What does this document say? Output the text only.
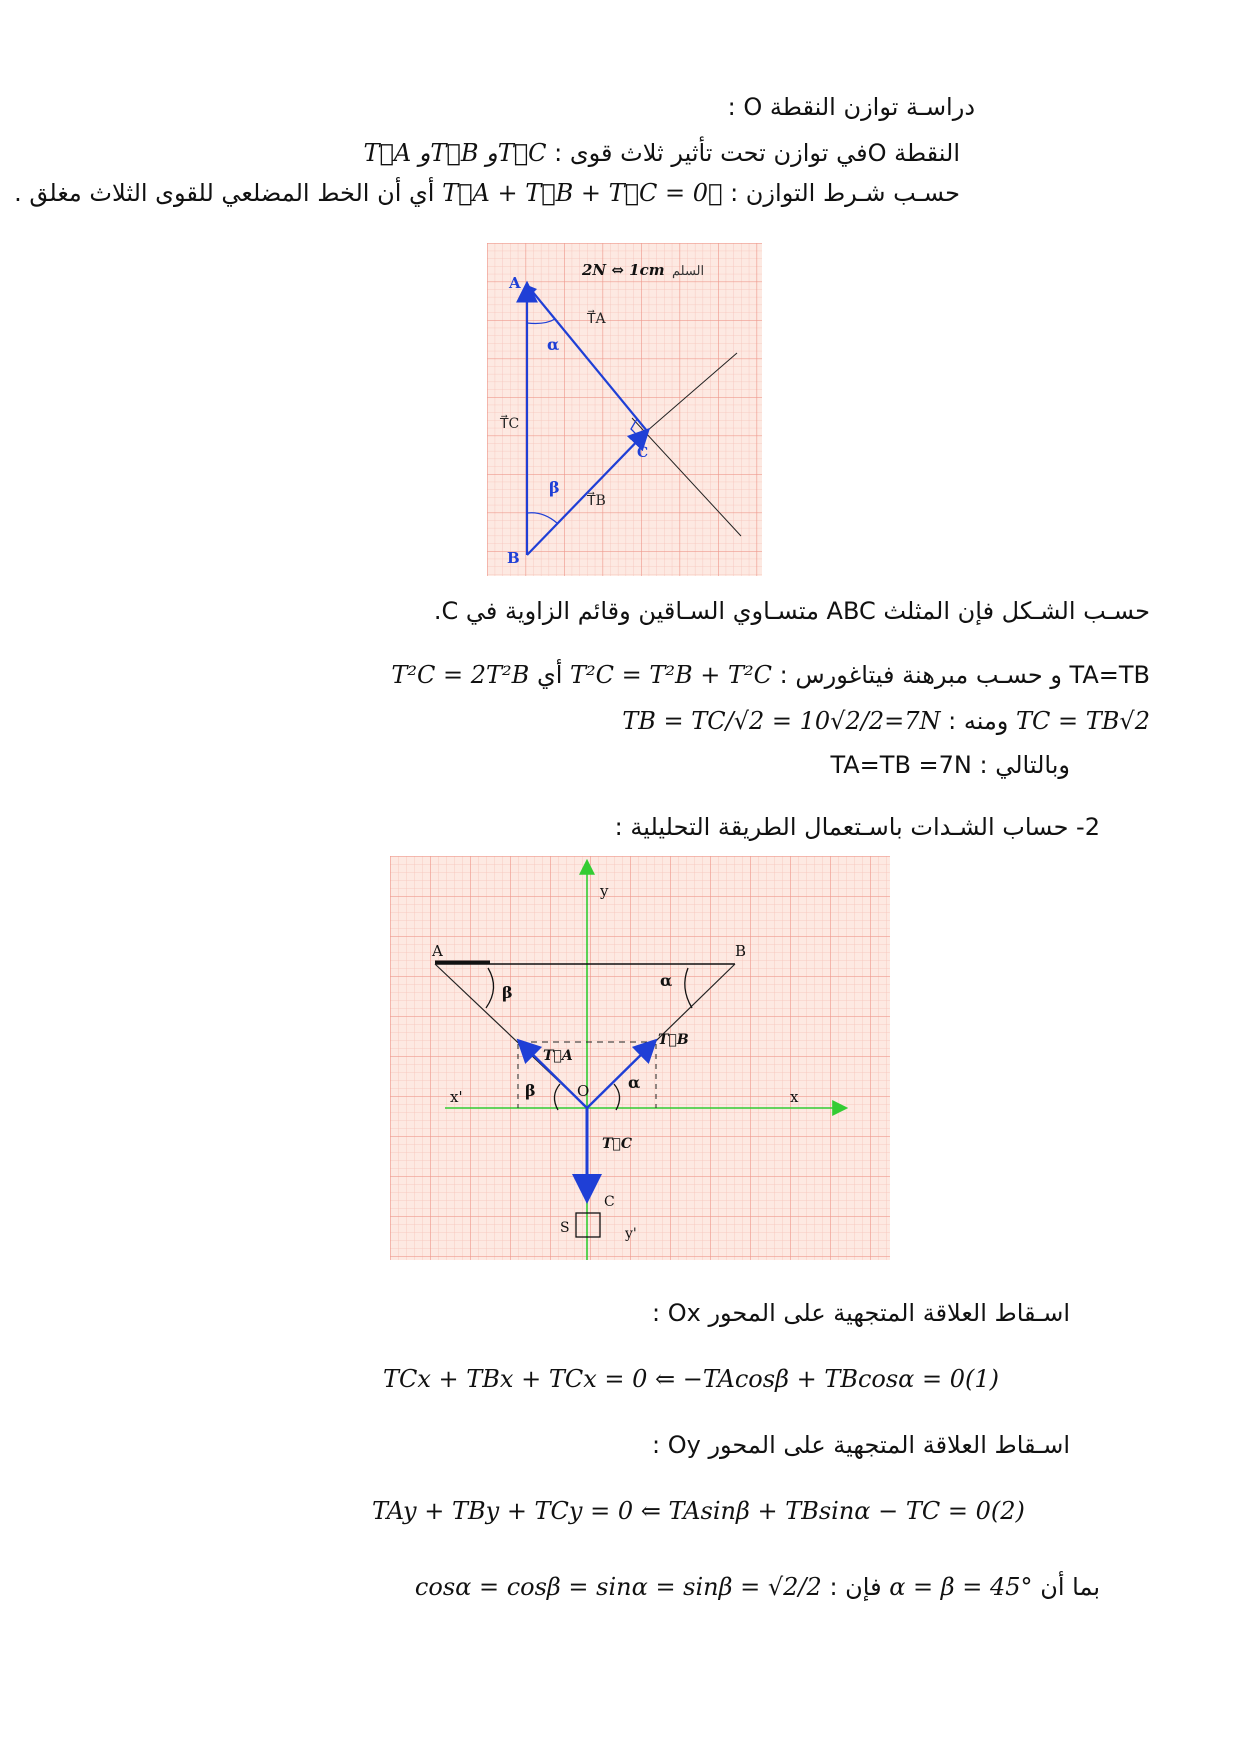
دراسـة توازن النقطة O :
النقطة Oفي توازن تحت تأثير ثلاث قوى : T⃗A وT⃗B وT⃗C
حسـب شـرط التوازن : T⃗A + T⃗B + T⃗C = 0⃗ أي أن الخط المضلعي للقوى الثلاث مغلق .
2N ⇔ 1cm السلم
A
B
C
T⃗A
T⃗B
T⃗C
α
β
حسـب الشـكل فإن المثلث ABC متسـاوي السـاقين وقائم الزاوية في C.
TA=TB و حسـب مبرهنة فيتاغورس : T²C = T²B + T²C أي T²C = 2T²B
TC = TB√2 ومنه : TB = TC/√2 = 10√2/2=7N
وبالتالي : TA=TB =7N
2- حساب الشـدات باسـتعمال الطريقة التحليلية :
y
y'
x
x'
A	B
O
C
S
β
α
β	α
T⃗A
T⃗B
T⃗C
اسـقاط العلاقة المتجهية على المحور Ox :
TCx + TBx + TCx = 0 ⇐ −TAcosβ + TBcosα = 0(1)
اسـقاط العلاقة المتجهية على المحور Oy :
TAy + TBy + TCy = 0 ⇐ TAsinβ + TBsinα − TC = 0(2)
بما أن α = β = 45° فإن : cosα = cosβ = sinα = sinβ = √2/2
